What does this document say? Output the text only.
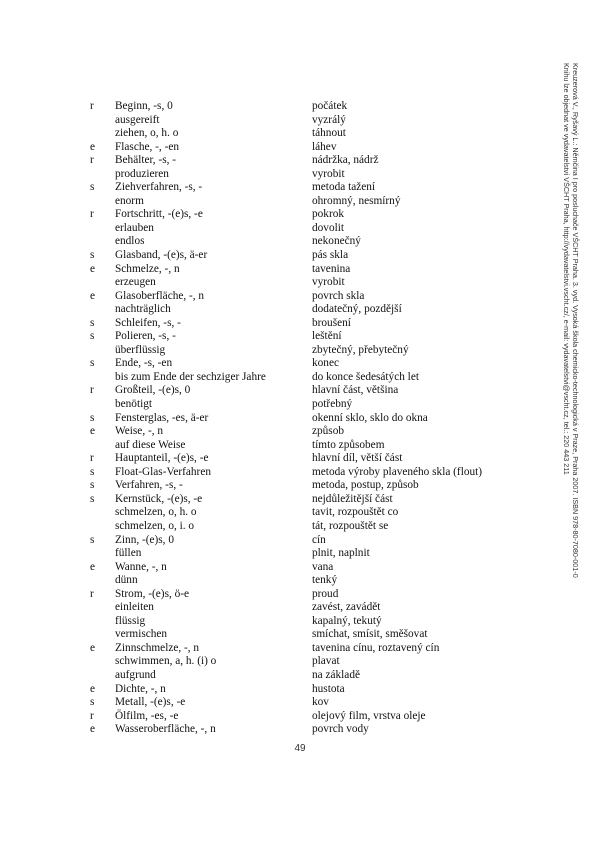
r Beginn, -s, 0	počátek
ausgereift	vyzrálý
ziehen, o, h. o	táhnout
e Flasche, -, -en	láhev
r Behälter, -s, -	nádržka, nádrž
produzieren	vyrobit
s Ziehverfahren, -s, -	metoda tažení
enorm	ohromný, nesmírný
r Fortschritt, -(e)s, -e	pokrok
erlauben	dovolit
endlos	nekonečný
s Glasband, -(e)s, ä-er	pás skla
e Schmelze, -, n	tavenina
erzeugen	vyrobit
e Glasoberfläche, -, n	povrch skla
nachträglich	dodatečný, pozdější
s Schleifen, -s, -	broušení
s Polieren, -s, -	leštění
überflüssig	zbytečný, přebytečný
s Ende, -s, -en	konec
bis zum Ende der sechziger Jahre	do konce šedesátých let
r Großteil, -(e)s, 0	hlavní část, většina
benötigt	potřebný
s Fensterglas, -es, ä-er	okenní sklo, sklo do okna
e Weise, -, n	způsob
auf diese Weise	tímto způsobem
r Hauptanteil, -(e)s, -e	hlavní díl, větší část
s Float-Glas-Verfahren	metoda výroby plaveného skla (flout)
s Verfahren, -s, -	metoda, postup, způsob
s Kernstück, -(e)s, -e	nejdůležitější část
schmelzen, o, h. o	tavit, rozpouštět co
schmelzen, o, i. o	tát, rozpouštět se
s Zinn, -(e)s, 0	cín
füllen	plnit, naplnit
e Wanne, -, n	vana
dünn	tenký
r Strom, -(e)s, ö-e	proud
einleiten	zavést, zavádět
flüssig	kapalný, tekutý
vermischen	smíchat, smísit, směšovat
e Zinnschmelze, -, n	tavenina cínu, roztavený cín
schwimmen, a, h. (i) o	plavat
aufgrund	na základě
e Dichte, -, n	hustota
s Metall, -(e)s, -e	kov
r Ölfilm, -es, -e	olejový film, vrstva oleje
e Wasseroberfläche, -, n	povrch vody
49
Kreuzerová V., Ryšavý L.: Němčina I pro posluchače VŠCHT Praha. 3. vyd. Vysoká škola chemicko-technologická v Praze, Praha 2007. ISBN 978-80-7080-001-0
Knihu lze objednat ve vydavatelství VŠCHT Praha, http://vydavatelstvi.vscht.cz/, e-mail: vydavatelstvi@vscht.cz, tel.: 220 443 211
